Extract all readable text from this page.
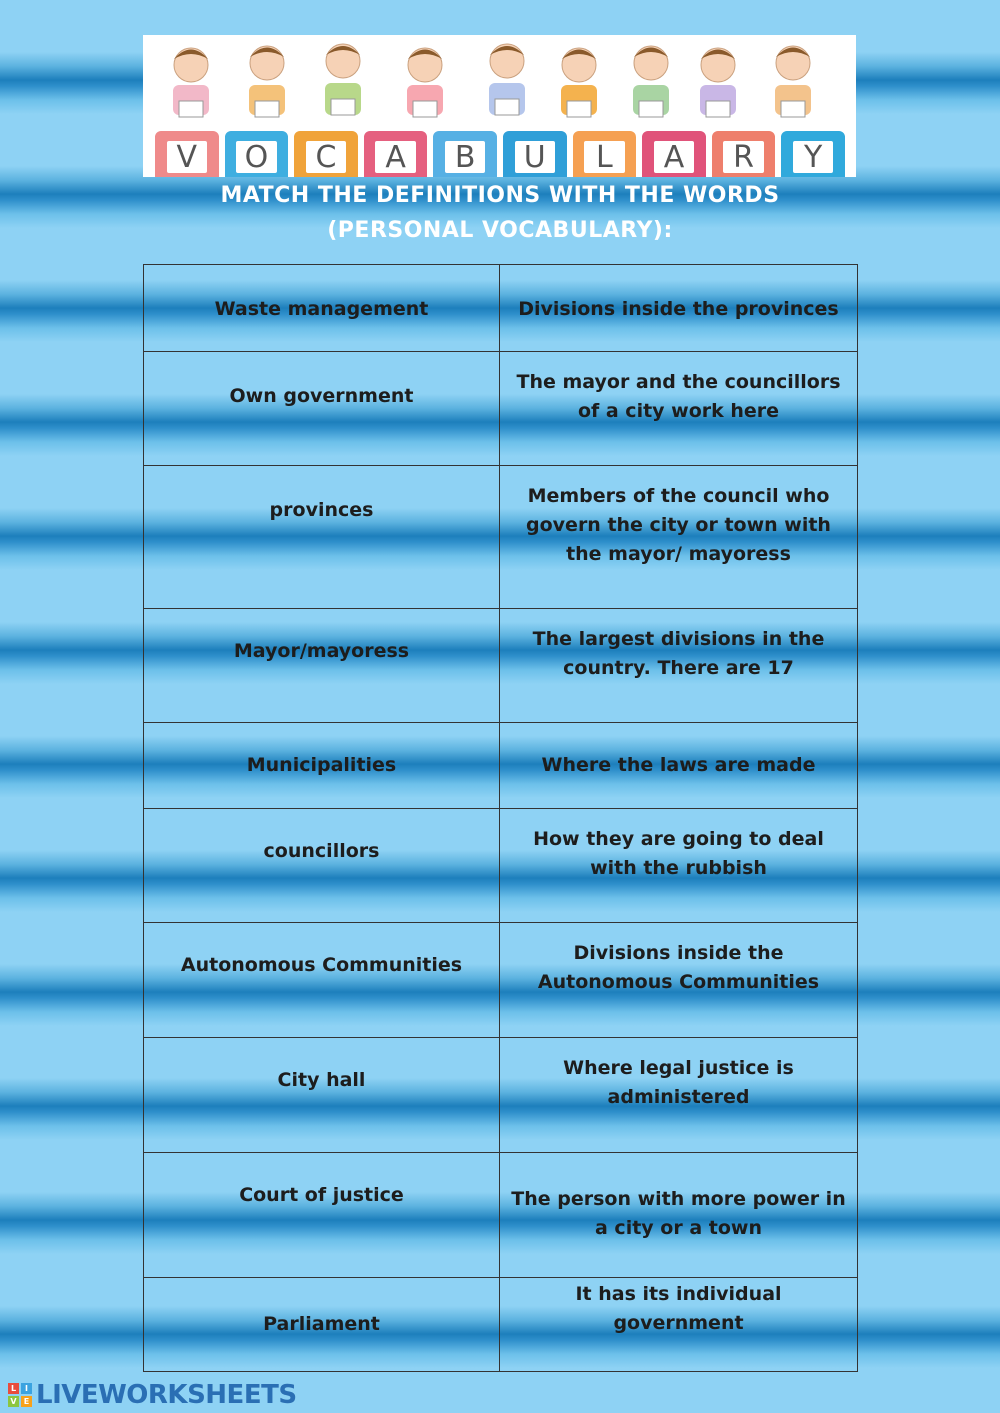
V	O	C	A	B	U	L	A	R	Y
MATCH THE DEFINITIONS WITH THE WORDS
(PERSONAL VOCABULARY):
Waste management	Divisions inside the provinces
Own government	The mayor and the councillors of a city work here
provinces	Members of the council who govern the city or town with the mayor/ mayoress
Mayor/mayoress	The largest divisions in the country. There are 17
Municipalities	Where the laws are made
councillors	How they are going to deal with the rubbish
Autonomous Communities	Divisions inside the Autonomous Communities
City hall	Where legal justice is administered
Court of justice	The person with more power in a city or a town
Parliament	It has its individual government
L	I
V E LIVEWORKSHEETS
